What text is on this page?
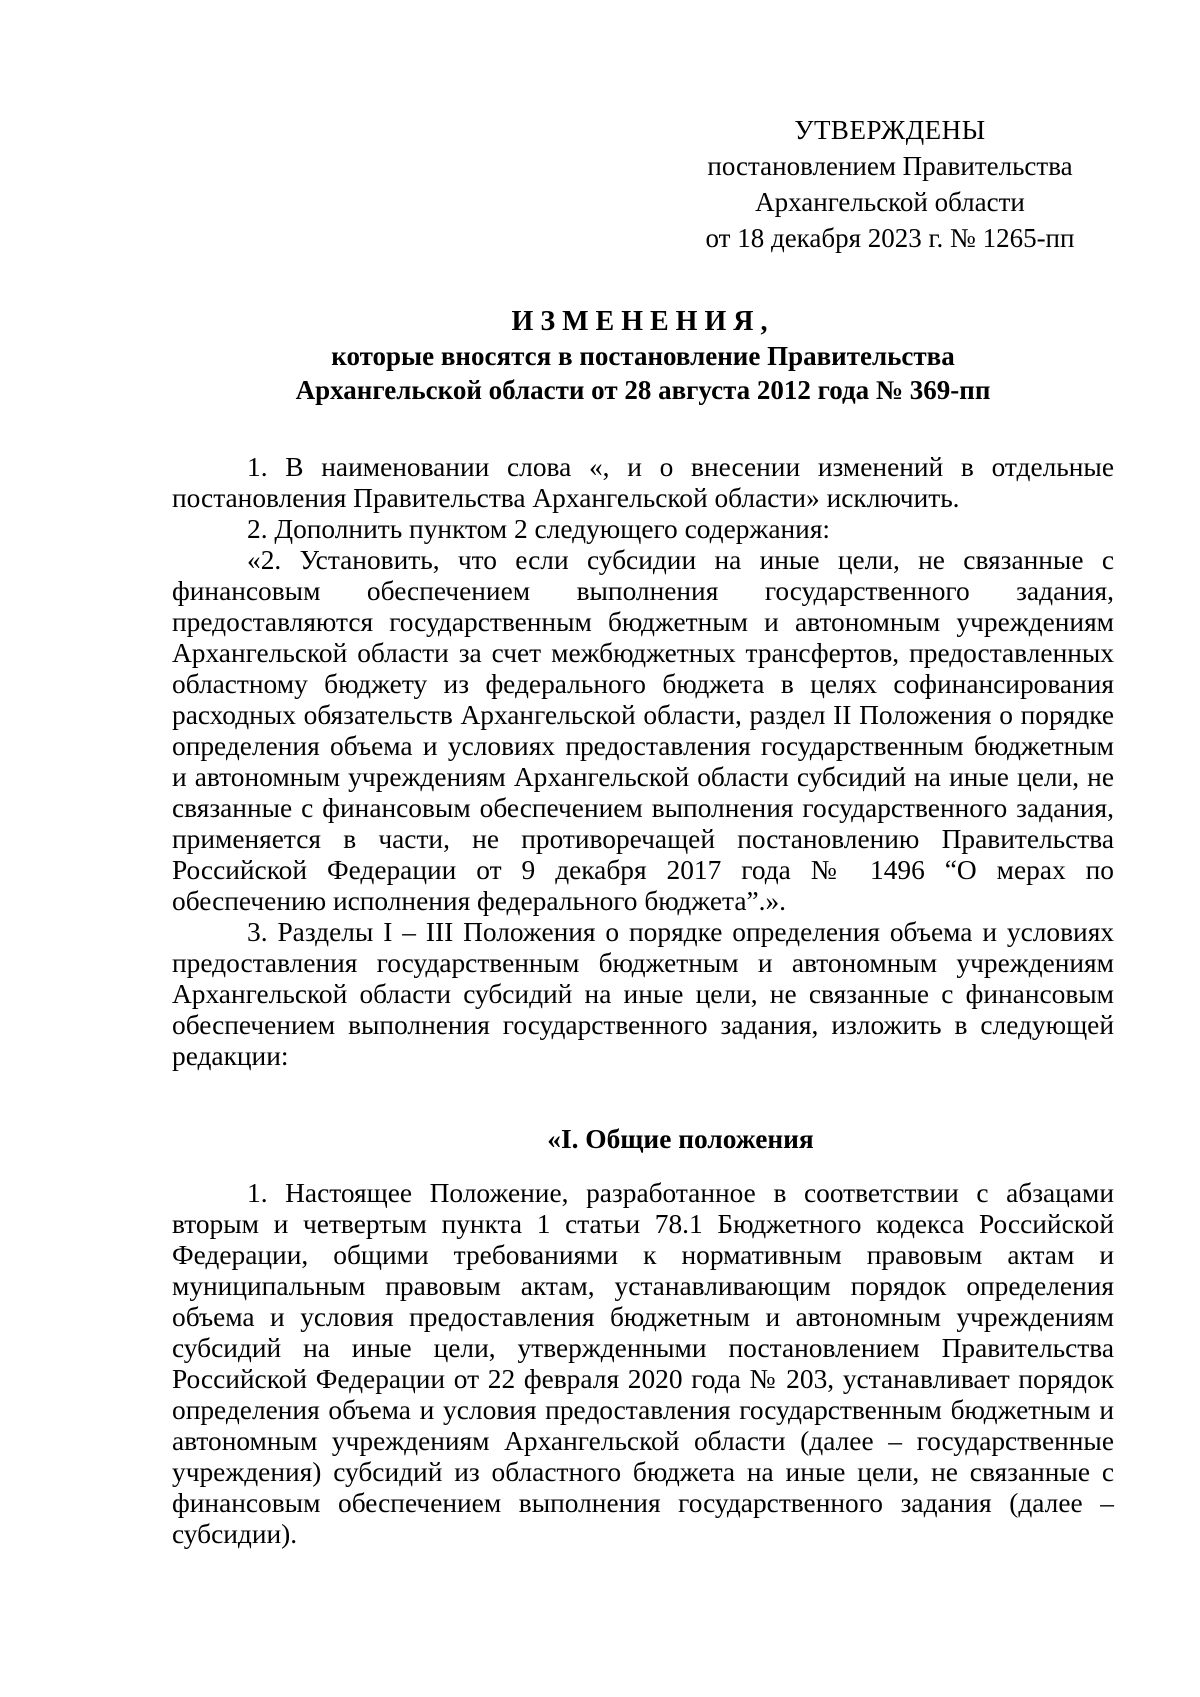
УТВЕРЖДЕНЫ
постановлением Правительства
Архангельской области
от 18 декабря 2023 г. № 1265-пп
ИЗМЕНЕНИЯ,
которые вносятся в постановление Правительства
Архангельской области от 28 августа 2012 года № 369-пп

1. В наименовании слова «, и о внесении изменений в отдельные постановления Правительства Архангельской области» исключить.

2. Дополнить пунктом 2 следующего содержания:

«2. Установить, что если субсидии на иные цели, не связанные с финансовым обеспечением выполнения государственного задания, предоставляются государственным бюджетным и автономным учреждениям Архангельской области за счет межбюджетных трансфертов, предоставленных областному бюджету из федерального бюджета в целях софинансирования расходных обязательств Архангельской области, раздел II Положения о порядке определения объема и условиях предоставления государственным бюджетным и автономным учреждениям Архангельской области субсидий на иные цели, не связанные с финансовым обеспечением выполнения государственного задания, применяется в части, не противоречащей постановлению Правительства Российской Федерации от 9 декабря 2017 года № 1496 “О мерах по обеспечению исполнения федерального бюджета”.».

3. Разделы I – III Положения о порядке определения объема и условиях предоставления государственным бюджетным и автономным учреждениям Архангельской области субсидий на иные цели, не связанные с финансовым обеспечением выполнения государственного задания, изложить в следующей редакции:

«I. Общие положения

1. Настоящее Положение, разработанное в соответствии с абзацами вторым и четвертым пункта 1 статьи 78.1 Бюджетного кодекса Российской Федерации, общими требованиями к нормативным правовым актам и муниципальным правовым актам, устанавливающим порядок определения объема и условия предоставления бюджетным и автономным учреждениям субсидий на иные цели, утвержденными постановлением Правительства Российской Федерации от 22 февраля 2020 года № 203, устанавливает порядок определения объема и условия предоставления государственным бюджетным и автономным учреждениям Архангельской области (далее – государственные учреждения) субсидий из областного бюджета на иные цели, не связанные с финансовым обеспечением выполнения государственного задания (далее – субсидии).
